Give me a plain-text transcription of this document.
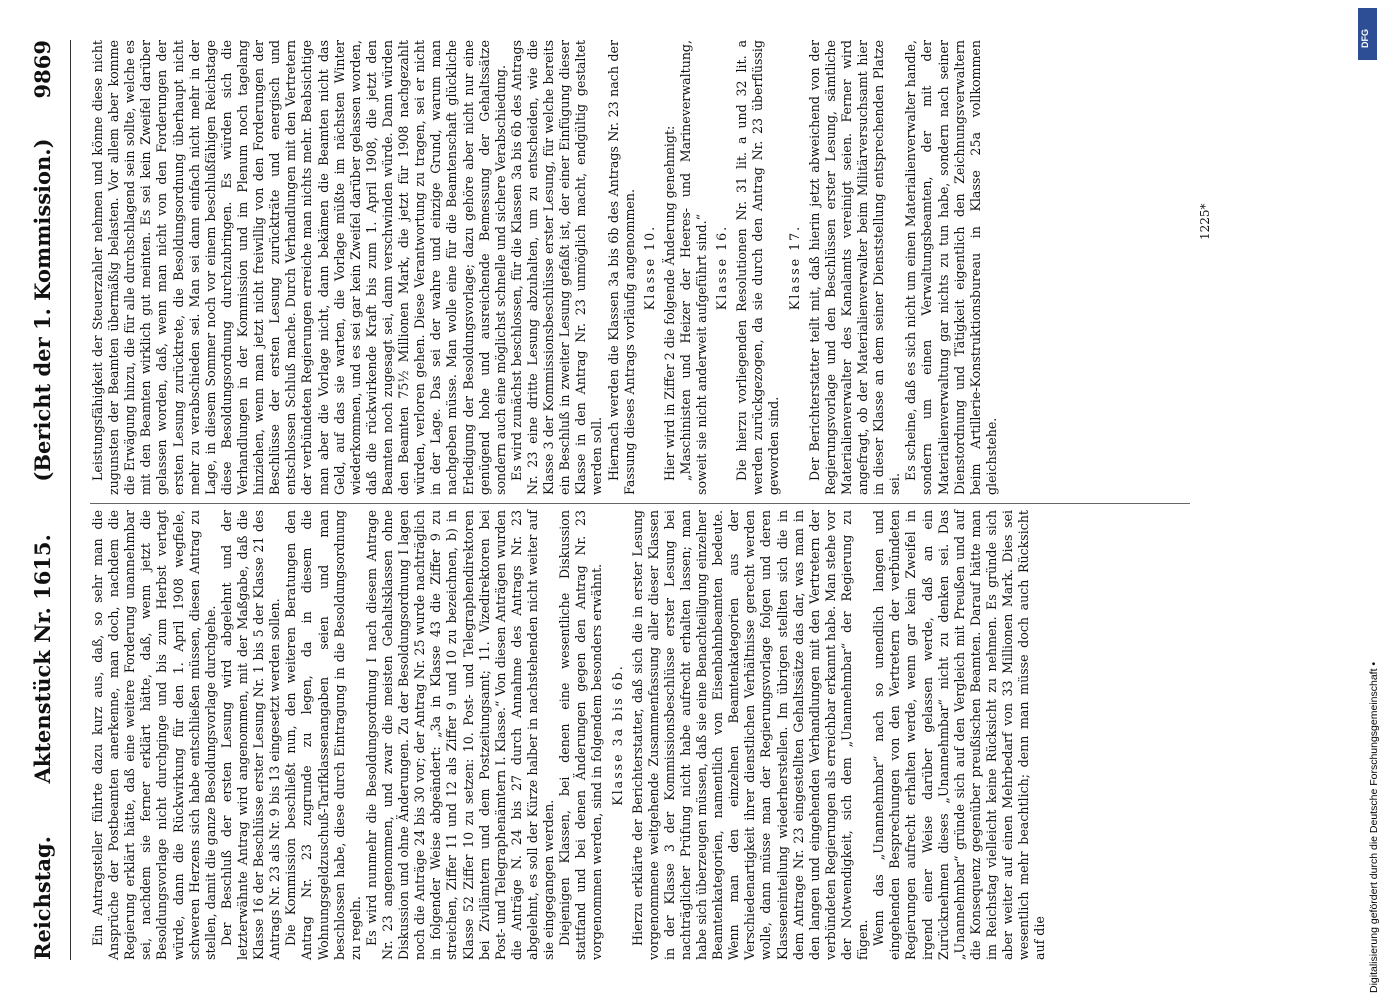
Reichstag.
Aktenstück Nr. 1615.
(Bericht der 1. Kommission.)
9869

Ein Antragsteller führte dazu kurz aus, daß, so sehr man die Ansprüche der Postbeamten anerkenne, man doch, nachdem die Regierung erklärt hätte, daß eine weitere Forderung unannehmbar sei, nachdem sie ferner erklärt hätte, daß, wenn jetzt die Besoldungsvorlage nicht durchginge und bis zum Herbst vertagt würde, dann die Rückwirkung für den 1. April 1908 wegfiele, schweren Herzens sich habe entschließen müssen, diesen Antrag zu stellen, damit die ganze Besoldungsvorlage durchgehe. Der Beschluß der ersten Lesung wird abgelehnt und der letzterwähnte Antrag wird angenommen, mit der Maßgabe, daß die Klasse 16 der Beschlüsse erster Lesung Nr. 1 bis 5 der Klasse 21 des Antrags Nr. 23 als Nr. 9 bis 13 eingesetzt werden sollen. Die Kommission beschließt nun, den weiteren Beratungen den Antrag Nr. 23 zugrunde zu legen, da in diesem die Wohnungsgeldzuschuß-Tarifklassenangaben seien und man beschlossen habe, diese durch Eintragung in die Besoldungsordnung zu regeln. Es wird nunmehr die Besoldungsordnung I nach diesem Antrage Nr. 23 angenommen, und zwar die meisten Gehaltsklassen ohne Diskussion und ohne Änderungen. Zu der Besoldungsordnung I lagen noch die Anträge 24 bis 30 vor; der Antrag Nr. 25 wurde nachträglich in folgender Weise abgeändert: „3a in Klasse 43 die Ziffer 9 zu streichen, Ziffer 11 und 12 als Ziffer 9 und 10 zu bezeichnen, b) in Klasse 52 Ziffer 10 zu setzen: 10. Post- und Telegraphendirektoren bei Zivilämtern und dem Postzeitungsamt; 11. Vizedirektoren bei Post- und Telegraphenämtern I. Klasse.“ Von diesen Anträgen wurden die Anträge N. 24 bis 27 durch Annahme des Antrags Nr. 23 abgelehnt, es soll der Kürze halber in nachstehenden nicht weiter auf sie eingegangen werden. Diejenigen Klassen, bei denen eine wesentliche Diskussion stattfand und bei denen Änderungen gegen den Antrag Nr. 23 vorgenommen werden, sind in folgendem besonders erwähnt. Klasse 3a bis 6b. Hierzu erklärte der Berichterstatter, daß sich die in erster Lesung vorgenommene weitgehende Zusammenfassung aller dieser Klassen in der Klasse 3 der Kommissionsbeschlüsse erster Lesung bei nachträglicher Prüfung nicht habe aufrecht erhalten lassen; man habe sich überzeugen müssen, daß sie eine Benachteiligung einzelner Beamtenkategorien, namentlich von Eisenbahnbeamten bedeute. Wenn man den einzelnen Beamtenkategorien aus der Verschiedenartigkeit ihrer dienstlichen Verhältnisse gerecht werden wolle, dann müsse man der Regierungsvorlage folgen und deren Klasseneinteilung wiederherstellen. Im übrigen stellten sich die in dem Antrage Nr. 23 eingestellten Gehaltssätze das dar, was man in den langen und eingehenden Verhandlungen mit den Vertretern der verbündeten Regierungen als erreichbar erkannt habe. Man stehe vor der Notwendigkeit, sich dem „Unannehmbar“ der Regierung zu fügen. Wenn das „Unannehmbar“ nach so unendlich langen und eingehenden Besprechungen von den Vertretern der verbündeten Regierungen aufrecht erhalten werde, wenn gar kein Zweifel in irgend einer Weise darüber gelassen werde, daß an ein Zurücknehmen dieses „Unannehmbar“ nicht zu denken sei. Das „Unannehmbar“ gründe sich auf den Vergleich mit Preußen und auf die Konsequenz gegenüber preußischen Beamten. Darauf hätte man im Reichstag vielleicht keine Rücksicht zu nehmen. Es gründe sich aber weiter auf einen Mehrbedarf von 33 Millionen Mark. Dies sei wesentlich mehr beachtlich; denn man müsse doch auch Rücksicht auf die

Leistungsfähigkeit der Steuerzahler nehmen und könne diese nicht zugunsten der Beamten übermäßig belasten. Vor allem aber komme die Erwägung hinzu, die für alle durchschlagend sein sollte, welche es mit den Beamten wirklich gut meinten. Es sei kein Zweifel darüber gelassen worden, daß, wenn man nicht von den Forderungen der ersten Lesung zurücktrete, die Besoldungsordnung überhaupt nicht mehr zu verabschieden sei. Man sei dann einfach nicht mehr in der Lage, in diesem Sommer noch vor einem beschlußfähigen Reichstage diese Besoldungsordnung durchzubringen. Es würden sich die Verhandlungen in der Kommission und im Plenum noch tagelang hinziehen, wenn man jetzt nicht freiwillig von den Forderungen der Beschlüsse der ersten Lesung zurückträte und energisch und entschlossen Schluß mache. Durch Verhandlungen mit den Vertretern der verbündeten Regierungen erreiche man nichts mehr. Beabsichtige man aber die Vorlage nicht, dann bekämen die Beamten nicht das Geld, auf das sie warten, die Vorlage müßte im nächsten Winter wiederkommen, und es sei gar kein Zweifel darüber gelassen worden, daß die rückwirkende Kraft bis zum 1. April 1908, die jetzt den Beamten noch zugesagt sei, dann verschwinden würde. Dann würden den Beamten 75½ Millionen Mark, die jetzt für 1908 nachgezahlt würden, verloren gehen. Diese Verantwortung zu tragen, sei er nicht in der Lage. Das sei der wahre und einzige Grund, warum man nachgeben müsse. Man wolle eine für die Beamtenschaft glückliche Erledigung der Besoldungsvorlage; dazu gehöre aber nicht nur eine genügend hohe und ausreichende Bemessung der Gehaltssätze sondern auch eine möglichst schnelle und sichere Verabschiedung. Es wird zunächst beschlossen, für die Klassen 3a bis 6b des Antrags Nr. 23 eine dritte Lesung abzuhalten, um zu entscheiden, wie die Klasse 3 der Kommissionsbeschlüsse erster Lesung, für welche bereits ein Beschluß in zweiter Lesung gefaßt ist, der einer Einfügung dieser Klasse in den Antrag Nr. 23 unmöglich macht, endgültig gestaltet werden soll. Hiernach werden die Klassen 3a bis 6b des Antrags Nr. 23 nach der Fassung dieses Antrags vorläufig angenommen. Klasse 10. Hier wird in Ziffer 2 die folgende Änderung genehmigt: „Maschinisten und Heizer der Heeres- und Marineverwaltung, soweit sie nicht anderweit aufgeführt sind.“ Klasse 16. Die hierzu vorliegenden Resolutionen Nr. 31 lit. a und 32 lit. a werden zurückgezogen, da sie durch den Antrag Nr. 23 überflüssig geworden sind.

Klasse 17. Der Berichterstatter teilt mit, daß hierin jetzt abweichend von der Regierungsvorlage und den Beschlüssen erster Lesung, sämtliche Materialienverwalter des Kanalamts vereinigt seien. Ferner wird angefragt, ob der Materialienverwalter beim Militärversuchsamt hier in dieser Klasse an dem seiner Dienststellung entsprechenden Platze sei.

Es scheine, daß es sich nicht um einen Materialienverwalter handle, sondern um einen Verwaltungsbeamten, der mit der Materialienverwaltung gar nichts zu tun habe, sondern nach seiner Dienstordnung und Tätigkeit eigentlich den Zeichnungsverwaltern beim Artillerie-Konstruktionsbureau in Klasse 25a vollkommen gleichstehe.

1225*
DFG
Digitalisierung gefördert durch die Deutsche Forschungsgemeinschaft •
